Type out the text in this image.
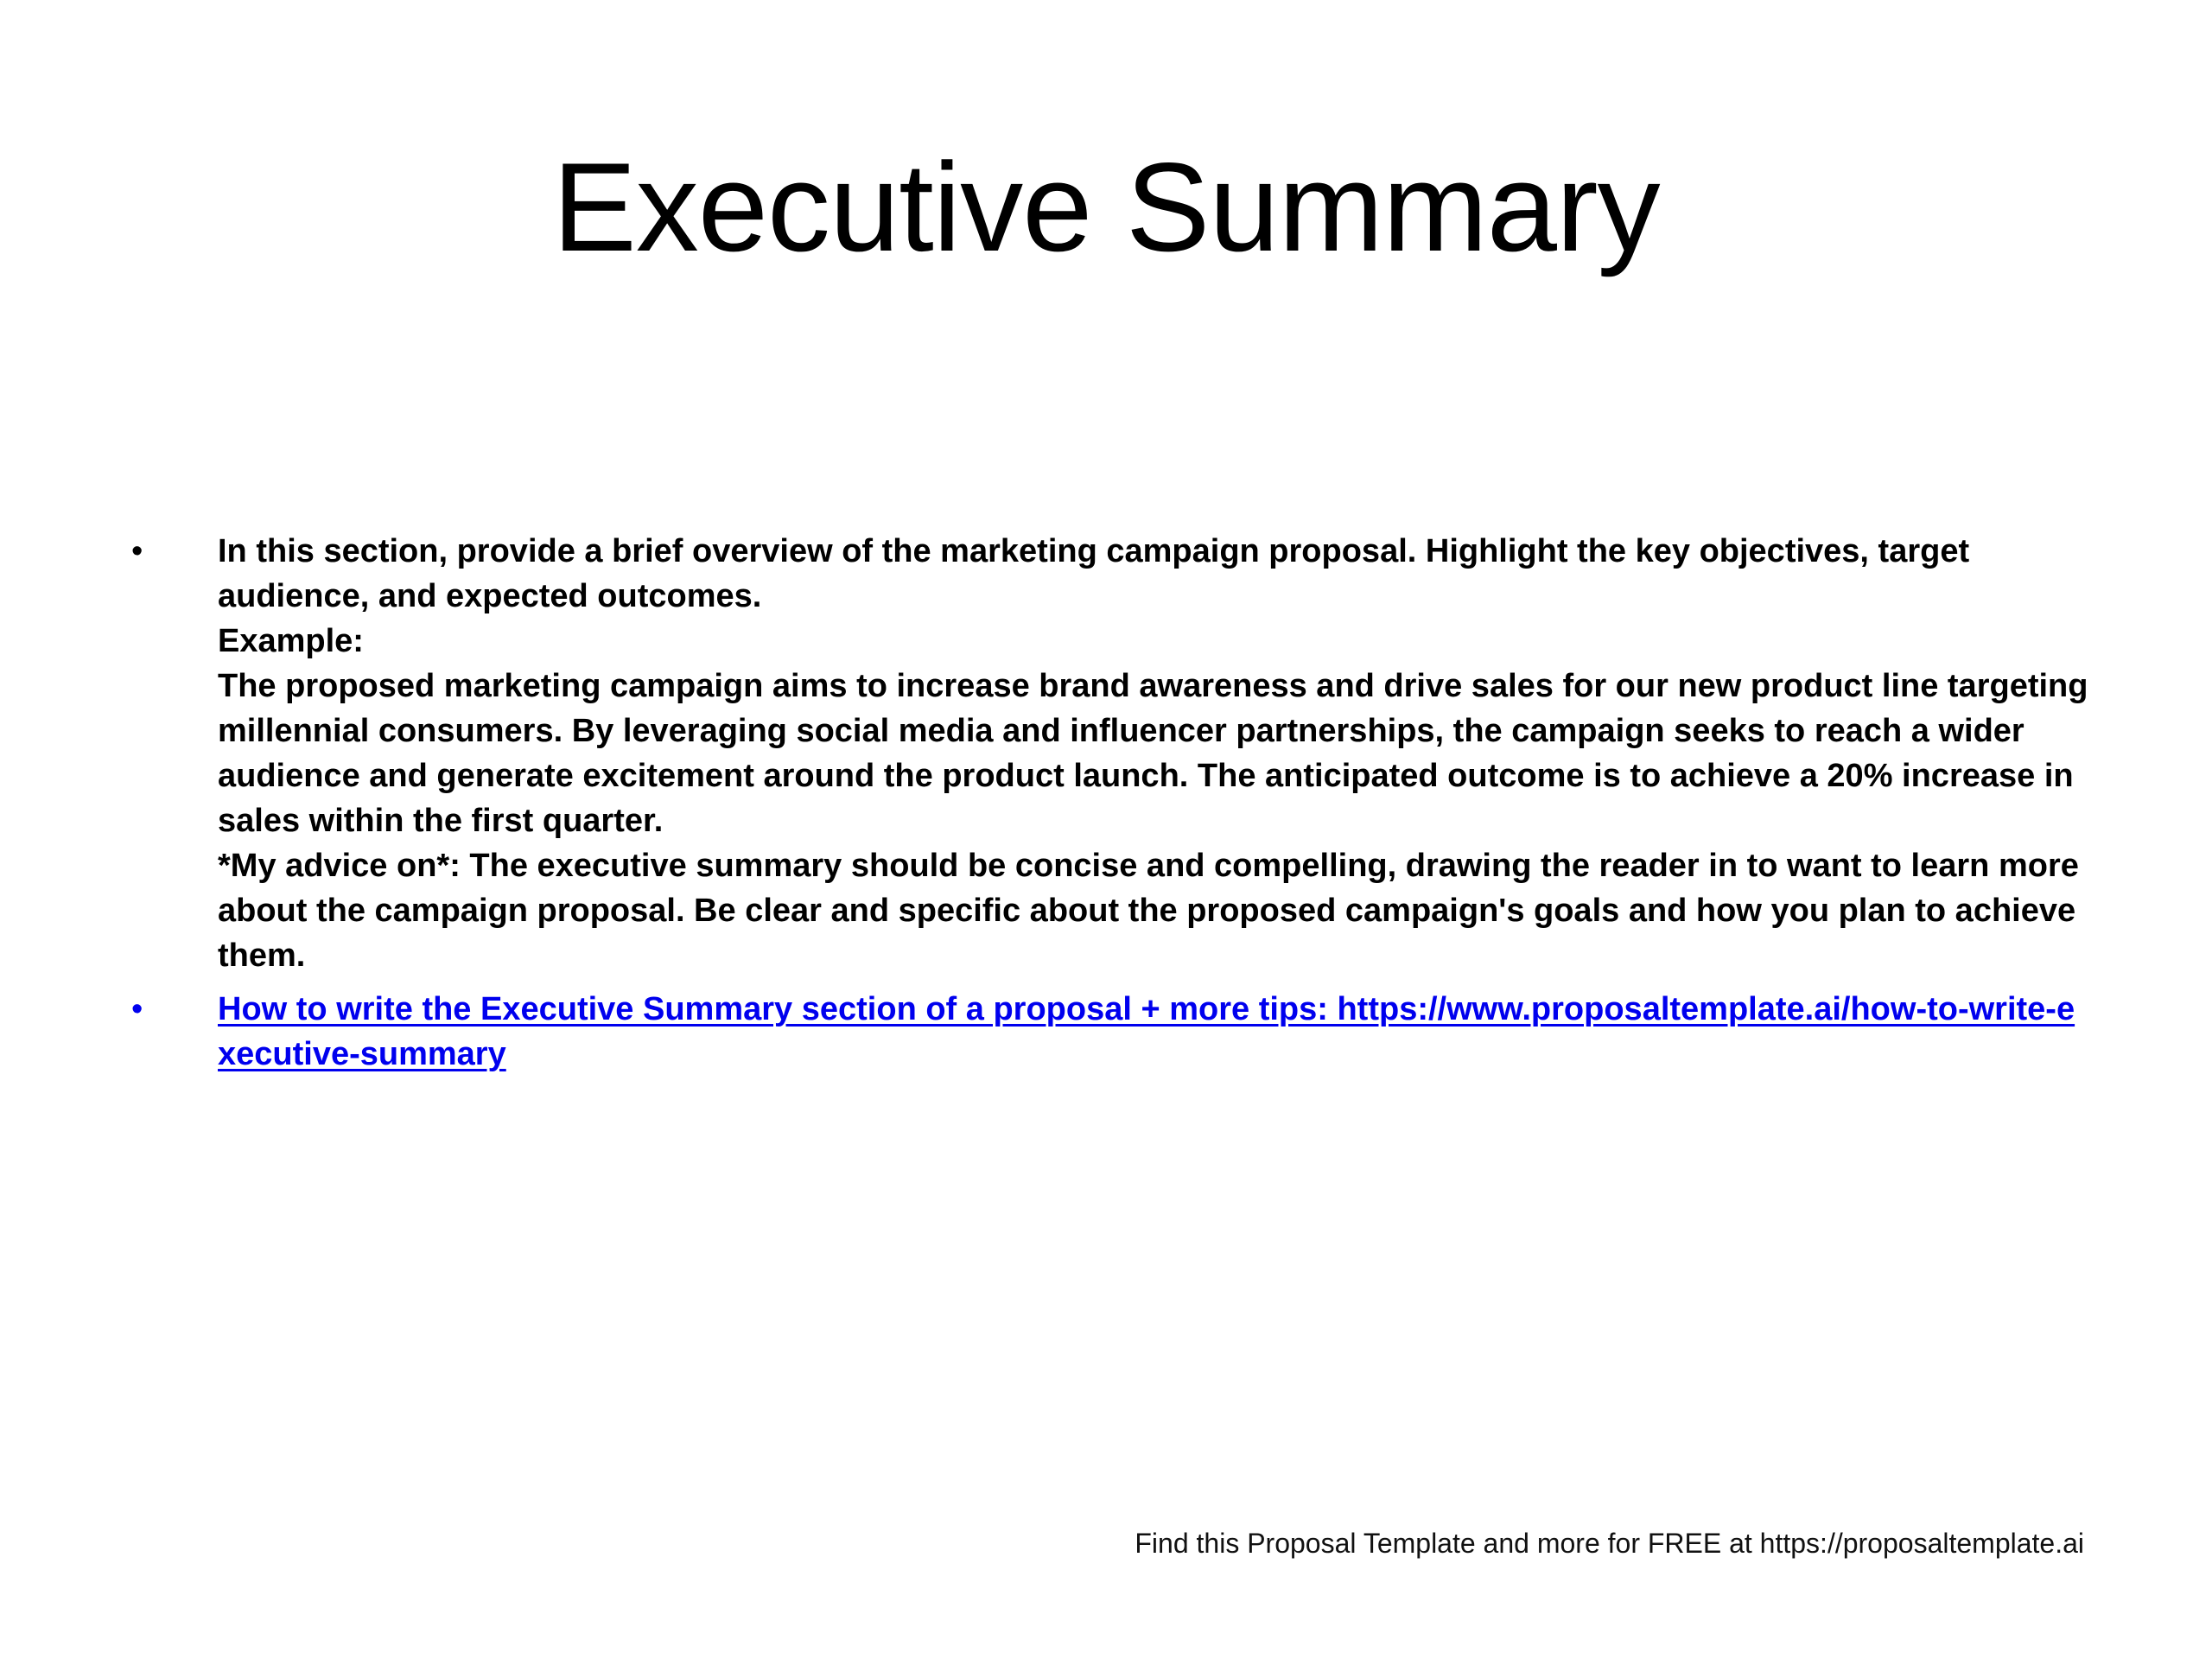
Executive Summary
•	In this section, provide a brief overview of the marketing campaign proposal. Highlight the key objectives, target audience, and expected outcomes.

Example:

The proposed marketing campaign aims to increase brand awareness and drive sales for our new product line targeting millennial consumers. By leveraging social media and influencer partnerships, the campaign seeks to reach a wider audience and generate excitement around the product launch. The anticipated outcome is to achieve a 20% increase in sales within the first quarter.

*My advice on*: The executive summary should be concise and compelling, drawing the reader in to want to learn more about the campaign proposal. Be clear and specific about the proposed campaign's goals and how you plan to achieve them.

•	How to write the Executive Summary section of a proposal + more tips: https://www.proposaltemplate.ai/how-to-write-executive-summary

Find this Proposal Template and more for FREE at https://proposaltemplate.ai
